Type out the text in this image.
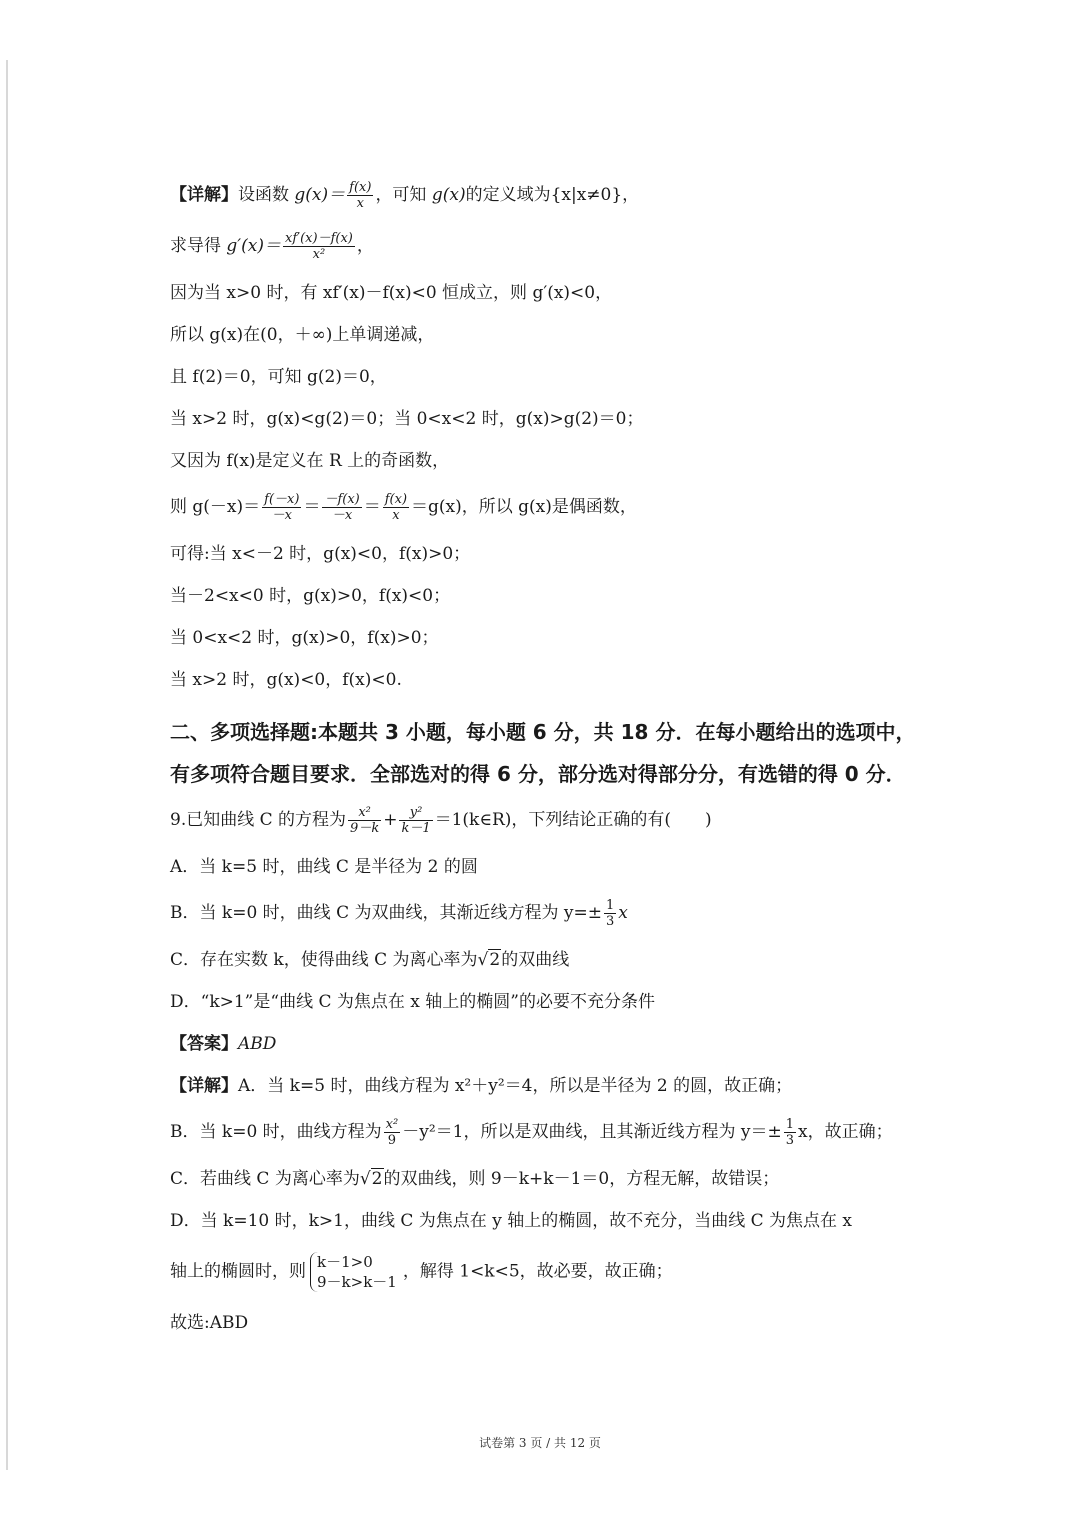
【详解】设函数 $g(x)= \frac{f(x)}{x}$ ，可知 g(x)的定义域为{x|x≠0}，
求导得 $g'(x)= \frac{xf'(x)-f(x)}{\text{x²}}$ ，
因为当 x>0 时，有 xf′(x)－f(x)<0 恒成立，则 g′(x)<0，
所以 g(x)在(0，＋∞)上单调递减，
且 f(2)＝0，可知 g(2)＝0，
当 x>2 时，g(x)<g(2)＝0；当 0<x<2 时，g(x)>g(2)＝0；
又因为 f(x)是定义在 R 上的奇函数，
则 $g(-x)= \frac{f(-x)}{-x} = \frac{-f(x)}{-x} = \frac{f(x)}{x} =g(x)$，所以 g(x)是偶函数，
可得:当 x<－2 时，g(x)<0，f(x)>0；
当－2<x<0 时，g(x)>0，f(x)<0；
当 0<x<2 时，g(x)>0，f(x)>0；
当 x>2 时，g(x)<0，f(x)<0.
二、多项选择题:本题共 3 小题，每小题 6 分，共 18 分．在每小题给出的选项中，有多项符合题目要求．全部选对的得 6 分，部分选对得部分分，有选错的得 0 分．
9.已知曲线 C 的方程为 $\frac{\text{x²}}{9-k} + \frac{\text{y²}}{k-1}$ ＝1(k∈R)，下列结论正确的有(　　)
A．当 k=5 时，曲线 C 是半径为 2 的圆
B．当 k=0 时，曲线 C 为双曲线，其渐近线方程为 $y=\pm \frac{1}{3}$ x
C．存在实数 k，使得曲线 C 为离心率为√2的双曲线
D．“k>1”是“曲线 C 为焦点在 x 轴上的椭圆”的必要不充分条件
【答案】ABD
【详解】A．当 k=5 时，曲线方程为 x²＋y²＝4，所以是半径为 2 的圆，故正确；
B．当 k=0 时，曲线方程为 $\frac{\text{x²}}{9} -y^2=1$，所以是双曲线，且其渐近线方程为 $y=\pm \frac{1}{3}$ x，故正确；
C．若曲线 C 为离心率为√2的双曲线，则 9－k+k－1＝0，方程无解，故错误；
D．当 k=10 时，k>1，曲线 C 为焦点在 y 轴上的椭圆，故不充分，当曲线 C 为焦点在 x
轴上的椭圆时，则 k－1>0
9－k>k－1
，解得 1<k<5，故必要，故正确；
故选:ABD
试卷第 3 页 / 共 12 页
